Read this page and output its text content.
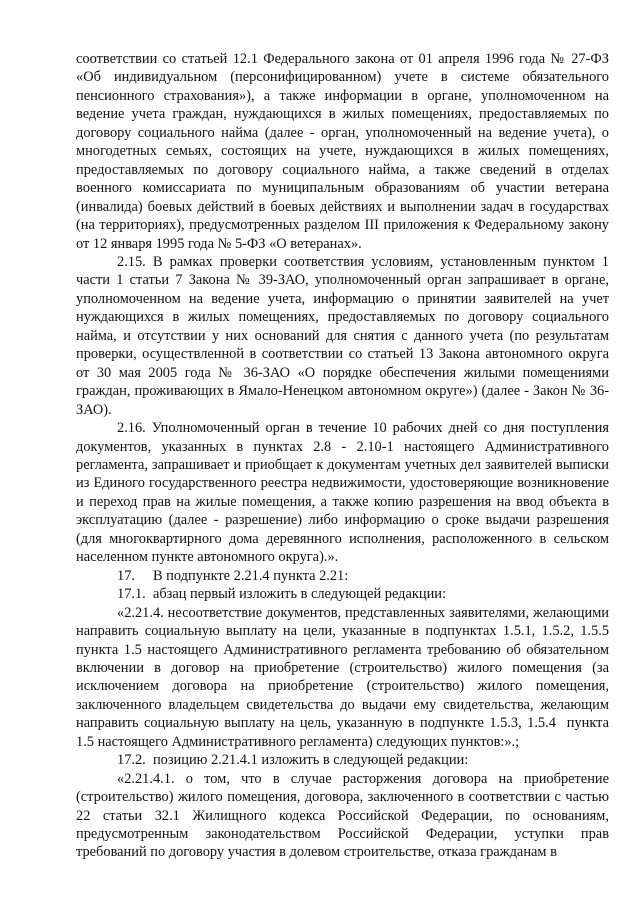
соответствии со статьей 12.1 Федерального закона от 01 апреля 1996 года № 27-ФЗ «Об индивидуальном (персонифицированном) учете в системе обязательного пенсионного страхования»), а также информации в органе, уполномоченном на ведение учета граждан, нуждающихся в жилых помещениях, предоставляемых по договору социального найма (далее - орган, уполномоченный на ведение учета), о многодетных семьях, состоящих на учете, нуждающихся в жилых помещениях, предоставляемых по договору социального найма, а также сведений в отделах военного комиссариата по муниципальным образованиям об участии ветерана (инвалида) боевых действий в боевых действиях и выполнении задач в государствах (на территориях), предусмотренных разделом III приложения к Федеральному закону от 12 января 1995 года № 5-ФЗ «О ветеранах».

2.15. В рамках проверки соответствия условиям, установленным пунктом 1 части 1 статьи 7 Закона № 39-ЗАО, уполномоченный орган запрашивает в органе, уполномоченном на ведение учета, информацию о принятии заявителей на учет нуждающихся в жилых помещениях, предоставляемых по договору социального найма, и отсутствии у них оснований для снятия с данного учета (по результатам проверки, осуществленной в соответствии со статьей 13 Закона автономного округа от 30 мая 2005 года № 36-ЗАО «О порядке обеспечения жилыми помещениями граждан, проживающих в Ямало-Ненецком автономном округе») (далее - Закон № 36-ЗАО).

2.16. Уполномоченный орган в течение 10 рабочих дней со дня поступления документов, указанных в пунктах 2.8 - 2.10-1 настоящего Административного регламента, запрашивает и приобщает к документам учетных дел заявителей выписки из Единого государственного реестра недвижимости, удостоверяющие возникновение и переход прав на жилые помещения, а также копию разрешения на ввод объекта в эксплуатацию (далее - разрешение) либо информацию о сроке выдачи разрешения (для многоквартирного дома деревянного исполнения, расположенного в сельском населенном пункте автономного округа).».

17.     В подпункте 2.21.4 пункта 2.21:

17.1.  абзац первый изложить в следующей редакции:

«2.21.4. несоответствие документов, представленных заявителями, желающими направить социальную выплату на цели, указанные в подпунктах 1.5.1, 1.5.2, 1.5.5 пункта 1.5 настоящего Административного регламента требованию об обязательном включении в договор на приобретение (строительство) жилого помещения (за исключением договора на приобретение (строительство) жилого помещения, заключенного владельцем свидетельства до выдачи ему свидетельства, желающим направить социальную выплату на цель, указанную в подпункте 1.5.3, 1.5.4  пункта 1.5 настоящего Административного регламента) следующих пунктов:».;

17.2.  позицию 2.21.4.1 изложить в следующей редакции:

«2.21.4.1. о том, что в случае расторжения договора на приобретение (строительство) жилого помещения, договора, заключенного в соответствии с частью 22 статьи 32.1 Жилищного кодекса Российской Федерации, по основаниям, предусмотренным законодательством Российской Федерации, уступки прав требований по договору участия в долевом строительстве, отказа гражданам в
